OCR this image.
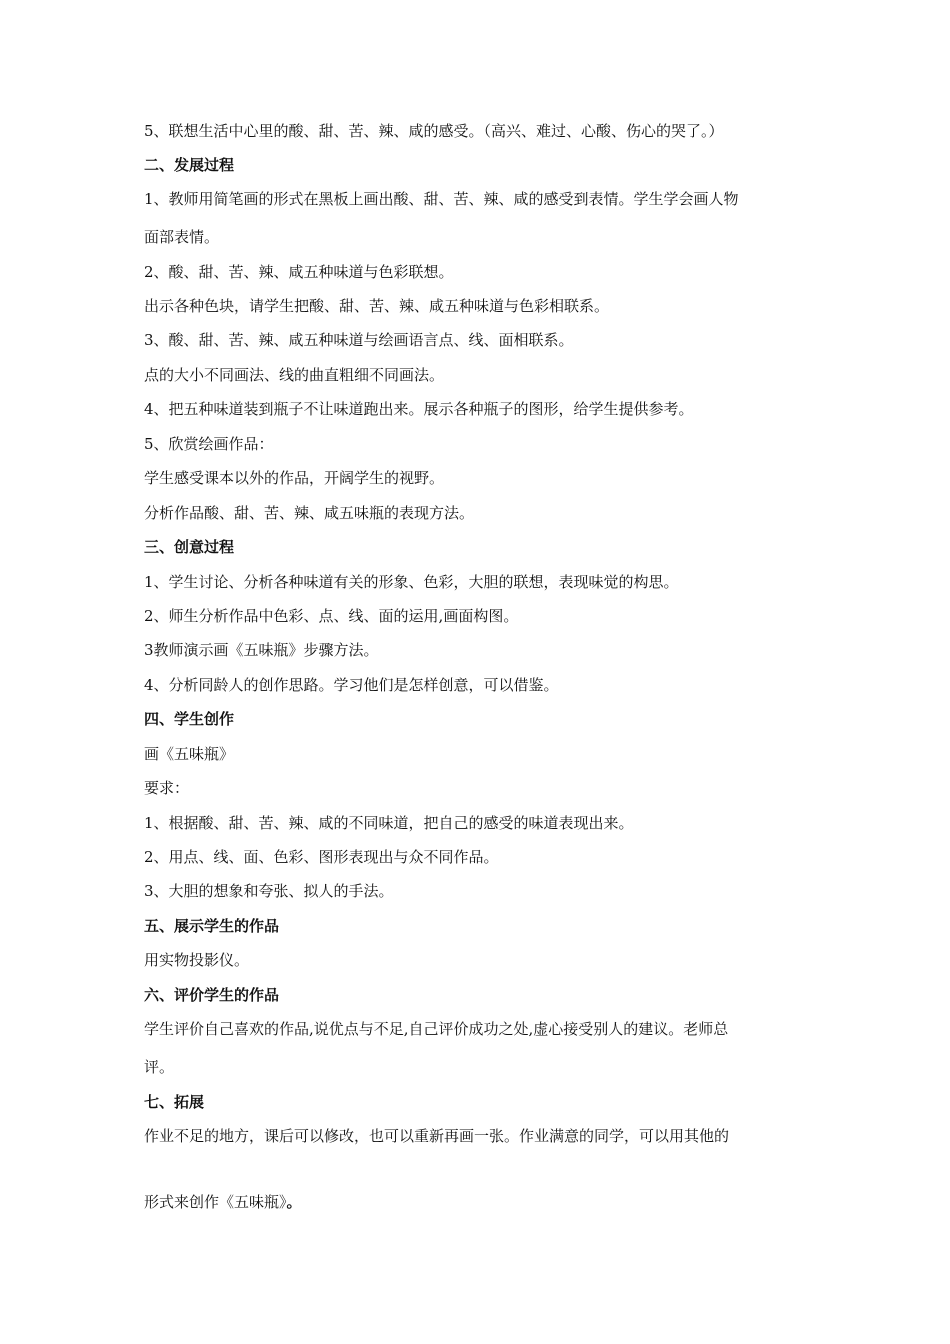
5、联想生活中心里的酸、甜、苦、辣、咸的感受。（高兴、难过、心酸、伤心的哭了。）
二、发展过程
1、教师用简笔画的形式在黑板上画出酸、甜、苦、辣、咸的感受到表情。学生学会画人物
面部表情。
2、酸、甜、苦、辣、咸五种味道与色彩联想。
出示各种色块，请学生把酸、甜、苦、辣、咸五种味道与色彩相联系。
3、酸、甜、苦、辣、咸五种味道与绘画语言点、线、面相联系。
点的大小不同画法、线的曲直粗细不同画法。
4、把五种味道装到瓶子不让味道跑出来。展示各种瓶子的图形，给学生提供参考。
5、欣赏绘画作品：
学生感受课本以外的作品，开阔学生的视野。
分析作品酸、甜、苦、辣、咸五味瓶的表现方法。
三、创意过程
1、学生讨论、分析各种味道有关的形象、色彩，大胆的联想，表现味觉的构思。
2、师生分析作品中色彩、点、线、面的运用,画面构图。
3教师演示画《五味瓶》步骤方法。
4、分析同龄人的创作思路。学习他们是怎样创意，可以借鉴。
四、学生创作
画《五味瓶》
要求：
1、根据酸、甜、苦、辣、咸的不同味道，把自己的感受的味道表现出来。
2、用点、线、面、色彩、图形表现出与众不同作品。
3、大胆的想象和夸张、拟人的手法。
五、展示学生的作品
用实物投影仪。
六、评价学生的作品
学生评价自己喜欢的作品,说优点与不足,自己评价成功之处,虚心接受别人的建议。老师总
评。
七、拓展
作业不足的地方，课后可以修改，也可以重新再画一张。作业满意的同学，可以用其他的
形式来创作《五味瓶》。
